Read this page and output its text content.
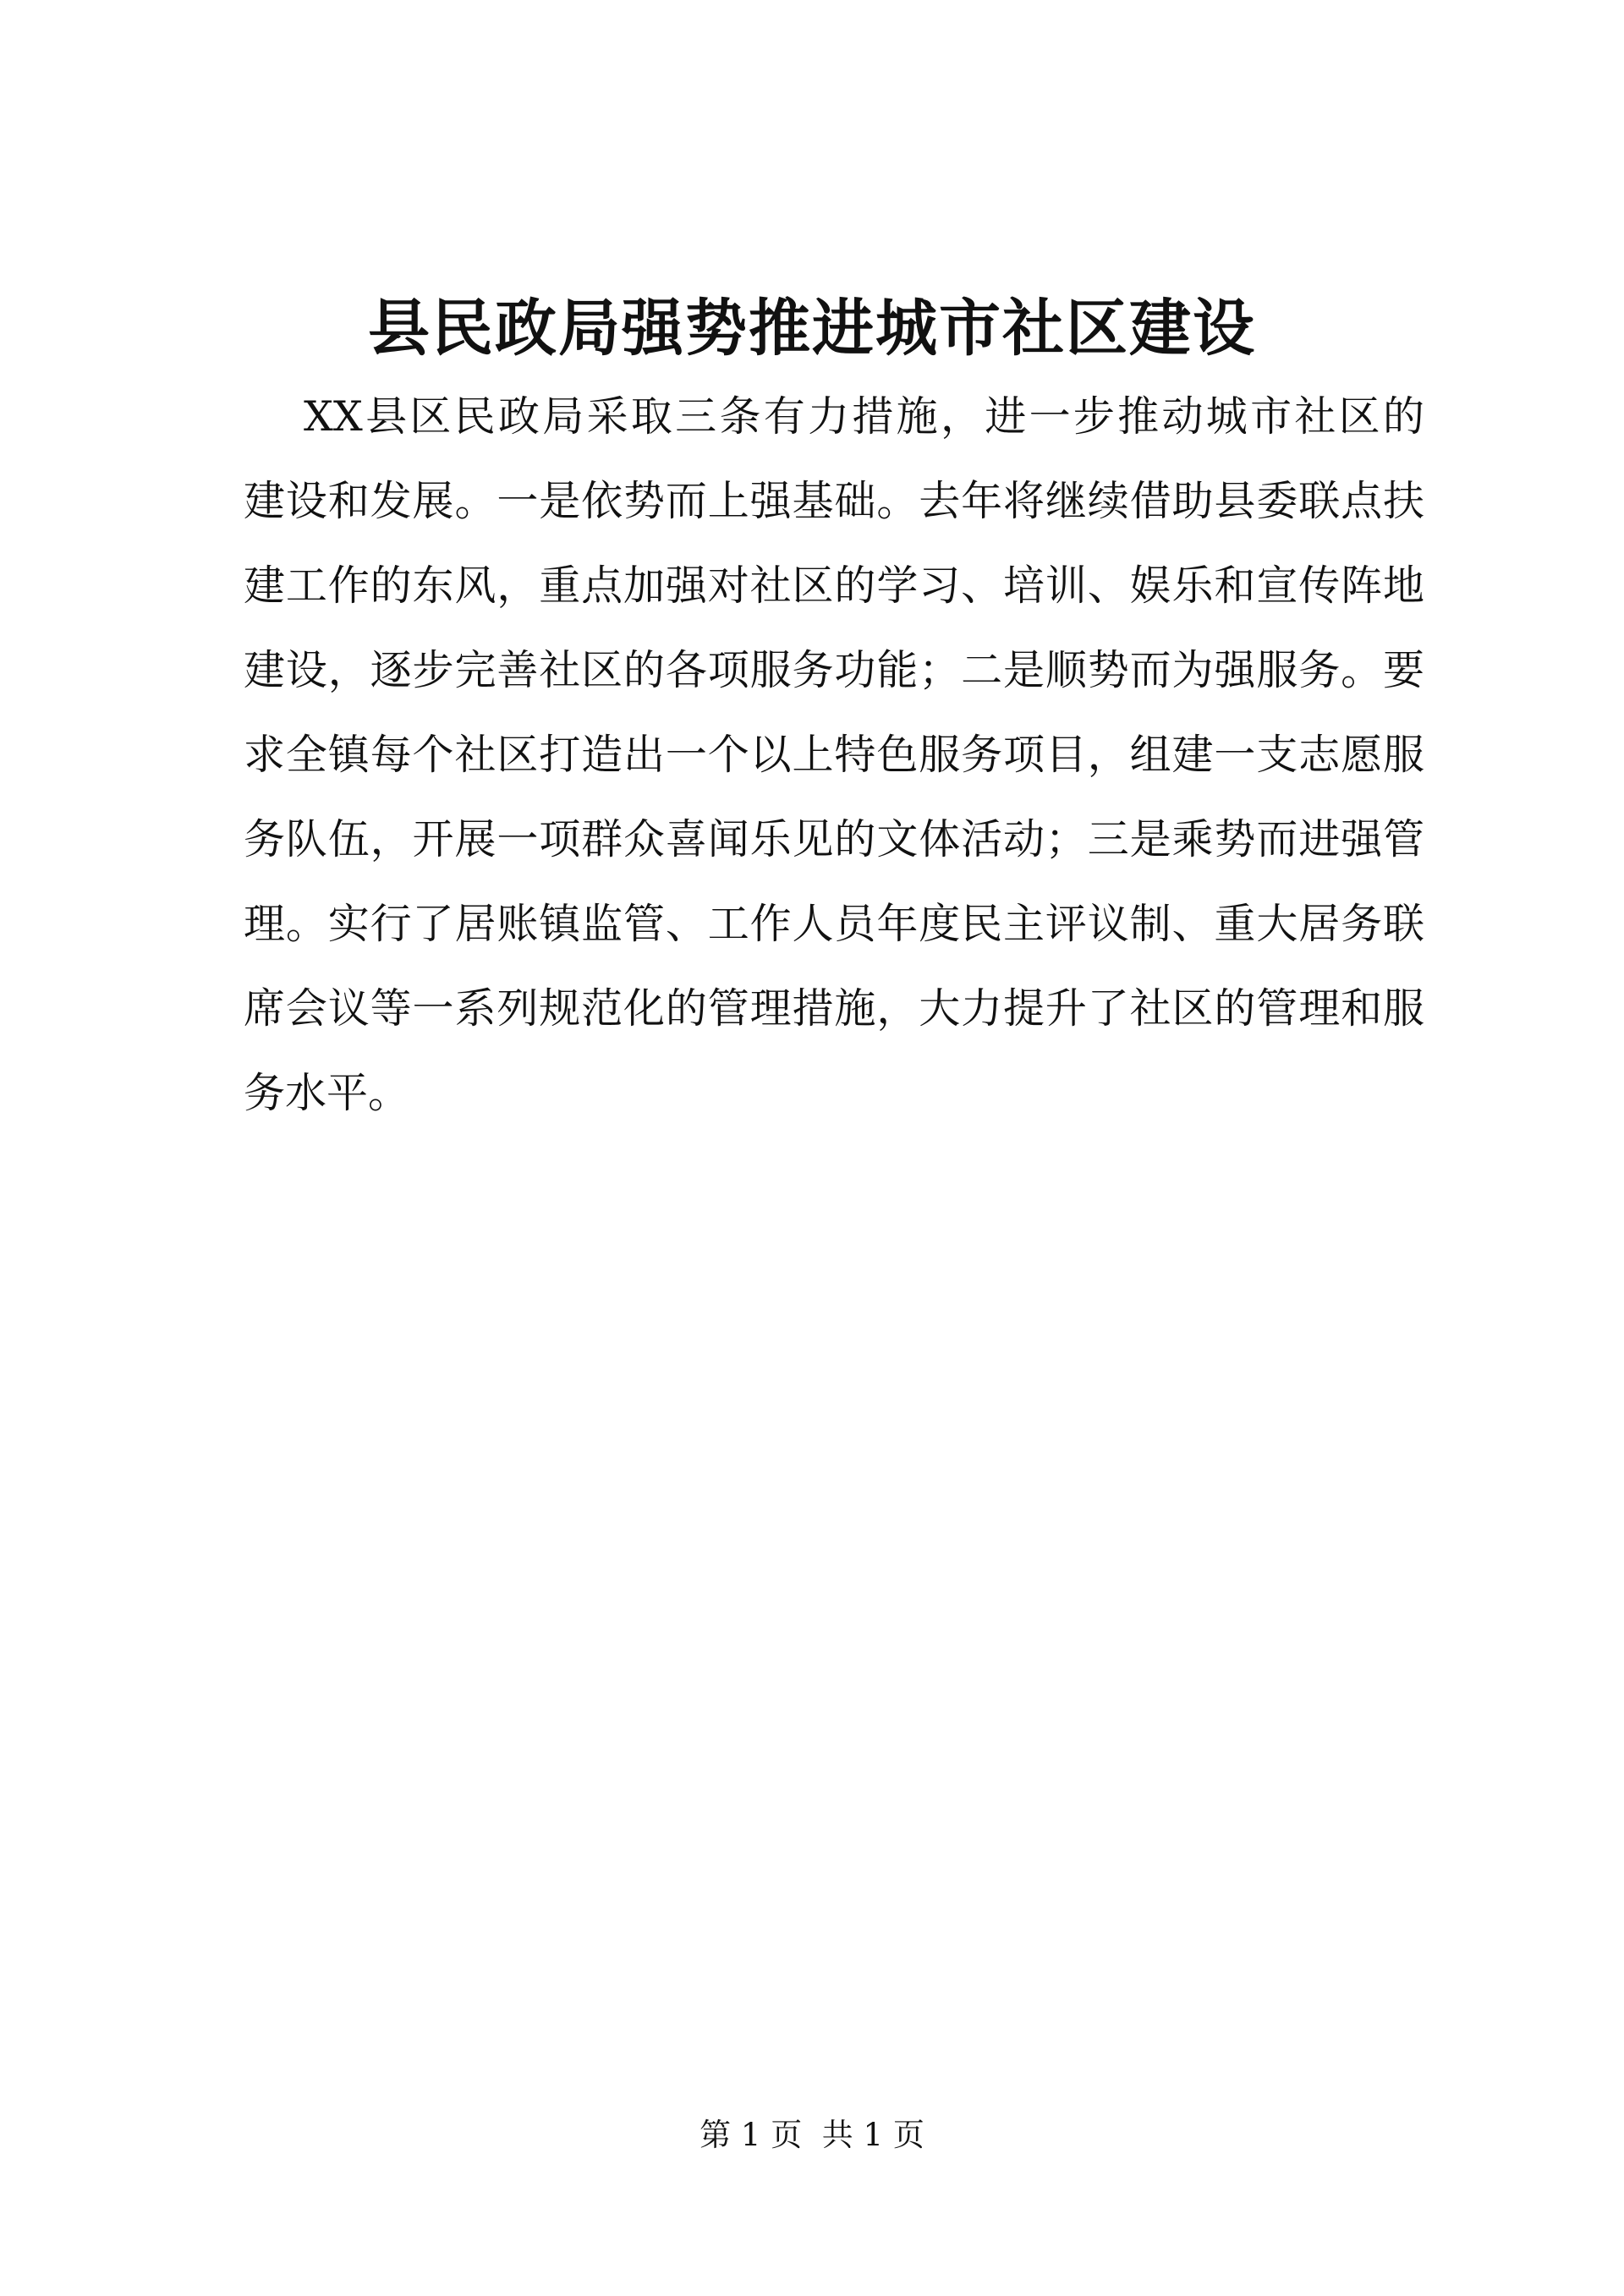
县民政局强势推进城市社区建设
XX县区民政局采取三条有力措施，进一步推动城市社区的
建设和发展。一是依势而上强基础。去年将继续借助县委联点扶
建工作的东风，重点加强对社区的学习、培训、娱乐和宣传阵地
建设，逐步完善社区的各项服务功能；二是顺势而为强服务。要
求全镇每个社区打造出一个以上特色服务项目，组建一支志愿服
务队伍，开展一项群众喜闻乐见的文体活动；三是乘势而进强管
理。实行了居账镇监管、工作人员年度民主评议制、重大居务联
席会议等一系列规范化的管理措施，大力提升了社区的管理和服
务水平。
第 1 页  共 1 页
